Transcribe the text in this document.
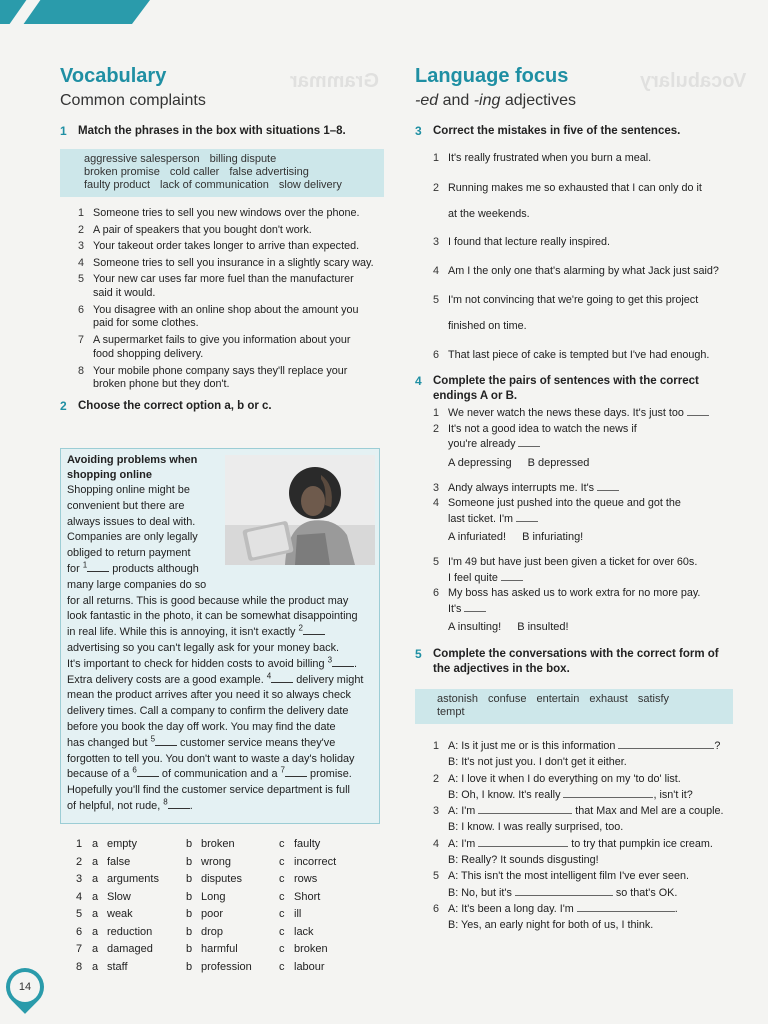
Vocabulary
Grammar
Vocabulary
Common complaints
1 Match the phrases in the box with situations 1–8.
aggressive salesperson billing dispute
broken promise cold caller false advertising
faulty product lack of communication slow delivery
1 Someone tries to sell you new windows over the phone.
2 A pair of speakers that you bought don't work.
3 Your takeout order takes longer to arrive than expected.
4 Someone tries to sell you insurance in a slightly scary way.
5 Your new car uses far more fuel than the manufacturer
said it would.
6 You disagree with an online shop about the amount you
paid for some clothes.
7 A supermarket fails to give you information about your
food shopping delivery.
8 Your mobile phone company says they'll replace your
broken phone but they don't.
2 Choose the correct option a, b or c.
Avoiding problems when
shopping online
Shopping online might be
convenient but there are
always issues to deal with.
Companies are only legally
obliged to return payment
for $^1$ products although
many large companies do so
for all returns. This is good because while the product may
look fantastic in the photo, it can be somewhat disappointing
in real life. While this is annoying, it isn't exactly $^2$
advertising so you can't legally ask for your money back.
It's important to check for hidden costs to avoid billing $^3$ .
Extra delivery costs are a good example. $^4$ delivery might
mean the product arrives after you need it so always check
delivery times. Call a company to confirm the delivery date
before you book the day off work. You may find the date
has changed but $^5$ customer service means they've
forgotten to tell you. You don't want to waste a day's holiday
because of a $^6$ of communication and a $^7$ promise.
Hopefully you'll find the customer service department is full
of helpful, not rude, $^8$ .
1 a empty	b broken	c faulty
2 a false	b wrong	c incorrect
3 a arguments	b disputes	c rows
4 a Slow	b Long	c Short
5 a weak	b poor	c ill
6 a reduction	b drop	c lack
7 a damaged	b harmful	c broken
8 a staff	b profession	c labour
Language focus
-ed and -ing adjectives
3 Correct the mistakes in five of the sentences.
1 It's really frustrated when you burn a meal.
2 Running makes me so exhausted that I can only do it
at the weekends.
3 I found that lecture really inspired.
4 Am I the only one that's alarming by what Jack just said?
5 I'm not convincing that we're going to get this project
finished on time.
6 That last piece of cake is tempted but I've had enough.
4 Complete the pairs of sentences with the correct
endings A or B.
1 We never watch the news these days. It's just too
2 It's not a good idea to watch the news if
you're already
A depressing B depressed
3 Andy always interrupts me. It's
4 Someone just pushed into the queue and got the
last ticket. I'm
A infuriated! B infuriating!
5 I'm 49 but have just been given a ticket for over 60s.
I feel quite
6 My boss has asked us to work extra for no more pay.
It's
A insulting! B insulted!
5 Complete the conversations with the correct form of
the adjectives in the box.
astonish confuse entertain exhaust satisfy
tempt
1 A: Is it just me or is this information	?
B: It's not just you. I don't get it either.
2 A: I love it when I do everything on my 'to do' list.
B: Oh, I know. It's really	, isn't it?
3 A: I'm	that Max and Mel are a couple.
B: I know. I was really surprised, too.
4 A: I'm	to try that pumpkin ice cream.
B: Really? It sounds disgusting!
5 A: This isn't the most intelligent film I've ever seen.
B: No, but it's	so that's OK.
6 A: It's been a long day. I'm	.
B: Yes, an early night for both of us, I think.
14
